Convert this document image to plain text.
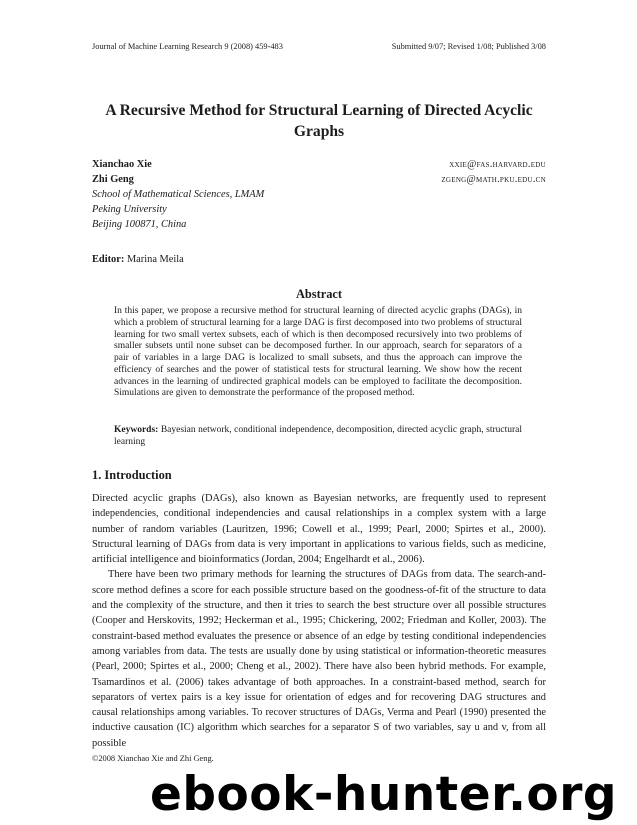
Journal of Machine Learning Research 9 (2008) 459-483	Submitted 9/07; Revised 1/08; Published 3/08
A Recursive Method for Structural Learning of Directed Acyclic Graphs
Xianchao Xie	xxie@fas.harvard.edu
Zhi Geng	zgeng@math.pku.edu.cn
School of Mathematical Sciences, LMAM
Peking University
Beijing 100871, China
Editor: Marina Meila
Abstract
In this paper, we propose a recursive method for structural learning of directed acyclic graphs (DAGs), in which a problem of structural learning for a large DAG is first decomposed into two problems of structural learning for two small vertex subsets, each of which is then decomposed recursively into two problems of smaller subsets until none subset can be decomposed further. In our approach, search for separators of a pair of variables in a large DAG is localized to small subsets, and thus the approach can improve the efficiency of searches and the power of statistical tests for structural learning. We show how the recent advances in the learning of undirected graphical models can be employed to facilitate the decomposition. Simulations are given to demonstrate the performance of the proposed method.
Keywords: Bayesian network, conditional independence, decomposition, directed acyclic graph, structural learning
1. Introduction

Directed acyclic graphs (DAGs), also known as Bayesian networks, are frequently used to represent independencies, conditional independencies and causal relationships in a complex system with a large number of random variables (Lauritzen, 1996; Cowell et al., 1999; Pearl, 2000; Spirtes et al., 2000). Structural learning of DAGs from data is very important in applications to various fields, such as medicine, artificial intelligence and bioinformatics (Jordan, 2004; Engelhardt et al., 2006).

There have been two primary methods for learning the structures of DAGs from data. The search-and-score method defines a score for each possible structure based on the goodness-of-fit of the structure to data and the complexity of the structure, and then it tries to search the best structure over all possible structures (Cooper and Herskovits, 1992; Heckerman et al., 1995; Chickering, 2002; Friedman and Koller, 2003). The constraint-based method evaluates the presence or absence of an edge by testing conditional independencies among variables from data. The tests are usually done by using statistical or information-theoretic measures (Pearl, 2000; Spirtes et al., 2000; Cheng et al., 2002). There have also been hybrid methods. For example, Tsamardinos et al. (2006) takes advantage of both approaches. In a constraint-based method, search for separators of vertex pairs is a key issue for orientation of edges and for recovering DAG structures and causal relationships among variables. To recover structures of DAGs, Verma and Pearl (1990) presented the inductive causation (IC) algorithm which searches for a separator S of two variables, say u and v, from all possible

©2008 Xianchao Xie and Zhi Geng.
ebook-hunter.org
